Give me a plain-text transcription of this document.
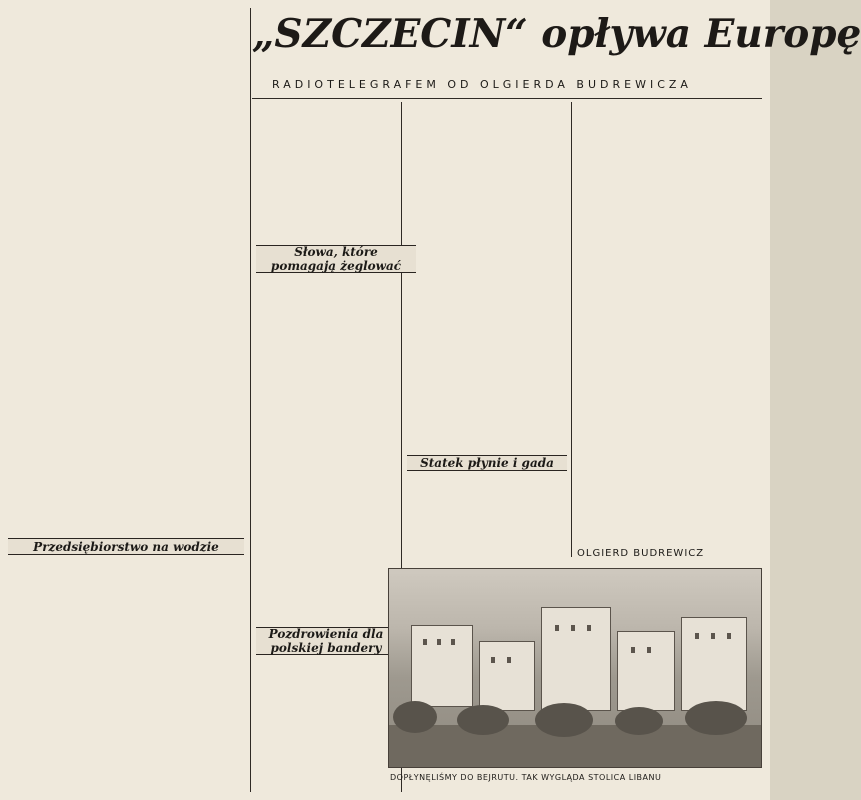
„SZCZECIN“ opływa Europę
RADIOTELEGRAFEM OD OLGIERDA BUDREWICZA
Przedsiębiorstwo na wodzie
Słowa, które pomagają żeglować
Pozdrowienia dla polskiej bandery
Statek płynie i gada
OLGIERD BUDREWICZ
DOPŁYNĘLIŚMY DO BEJRUTU. TAK WYGLĄDA STOLICA LIBANU
